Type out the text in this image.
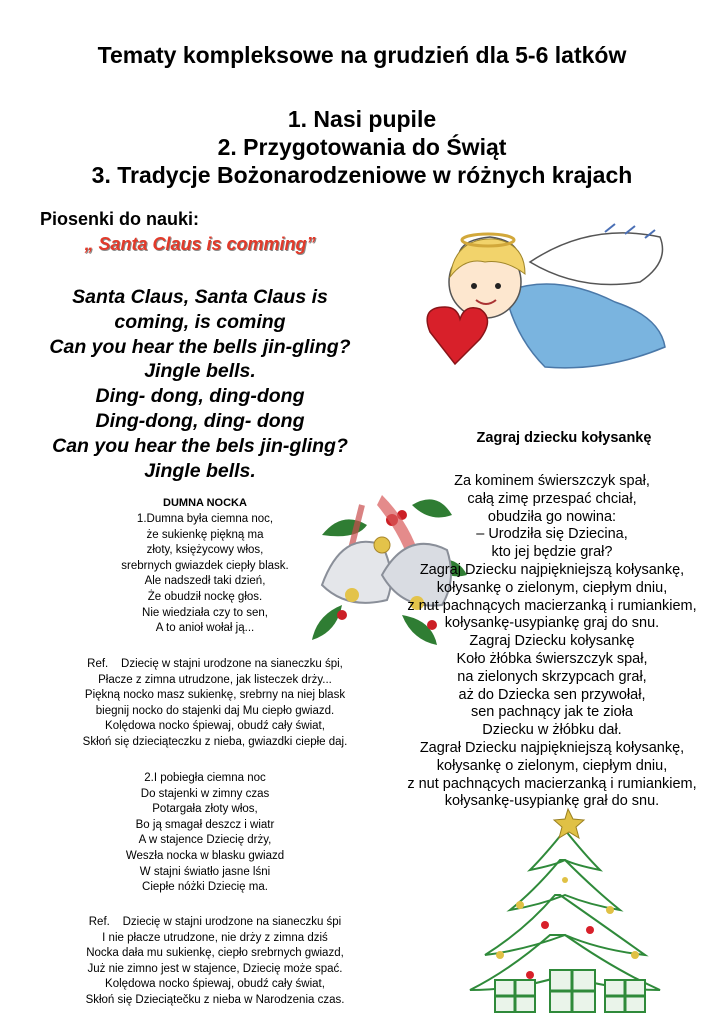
Tematy kompleksowe na grudzień dla 5-6 latków
1. Nasi pupile
2. Przygotowania do Świąt
3. Tradycje Bożonarodzeniowe w różnych krajach
Piosenki do nauki:
„ Santa Claus is comming”
Santa Claus, Santa Claus is
coming, is coming
Can you hear the bells jin-gling?
Jingle bells.
Ding- dong, ding-dong
Ding-dong, ding- dong
Can you hear the bels jin-gling?
Jingle bells.
DUMNA NOCKA
1.Dumna była ciemna noc,
że sukienkę piękną ma
złoty, księżycowy włos,
srebrnych gwiazdek ciepły blask.
Ale nadszedł taki dzień,
Że obudził nockę głos.
Nie wiedziała czy to sen,
A to anioł wołał ją...
Ref.    Dziecię w stajni urodzone na sianeczku śpi,
Płacze z zimna utrudzone, jak listeczek drży...
Piękną nocko masz sukienkę, srebrny na niej blask
biegnij nocko do stajenki daj Mu ciepło gwiazd.
Kolędowa nocko śpiewaj, obudź cały świat,
Skłoń się dzieciąteczku z nieba, gwiazdki ciepłe daj.
2.I pobiegła ciemna noc
Do stajenki w zimny czas
Potargała złoty włos,
Bo ją smagał deszcz i wiatr
A w stajence Dziecię drży,
Weszła nocka w blasku gwiazd
W stajni światło jasne lśni
Ciepłe nóżki Dziecię ma.
Ref.    Dziecię w stajni urodzone na sianeczku śpi
I nie płacze utrudzone, nie drży z zimna dziś
Nocka dała mu sukienkę, ciepło srebrnych gwiazd,
Już nie zimno jest w stajence, Dziecię może spać.
Kolędowa nocko śpiewaj, obudź cały świat,
Skłoń się Dzieciątečku z nieba w Narodzenia czas.
Zagraj dziecku kołysankę
Za kominem świerszczyk spał,
całą zimę przespać chciał,
obudziła go nowina:
– Urodziła się Dziecina,
kto jej będzie grał?
Zagraj Dziecku najpiękniejszą kołysankę,
kołysankę o zielonym, ciepłym dniu,
z nut pachnących macierzanką i rumiankiem,
kołysankę-usypiankę graj do snu.
Zagraj Dziecku kołysankę
Koło żłóbka świerszczyk spał,
na zielonych skrzypcach grał,
aż do Dziecka sen przywołał,
sen pachnący jak te zioła
Dziecku w żłóbku dał.
Zagrał Dziecku najpiękniejszą kołysankę,
kołysankę o zielonym, ciepłym dniu,
z nut pachnących macierzanką i rumiankiem,
kołysankę-usypiankę grał do snu.
